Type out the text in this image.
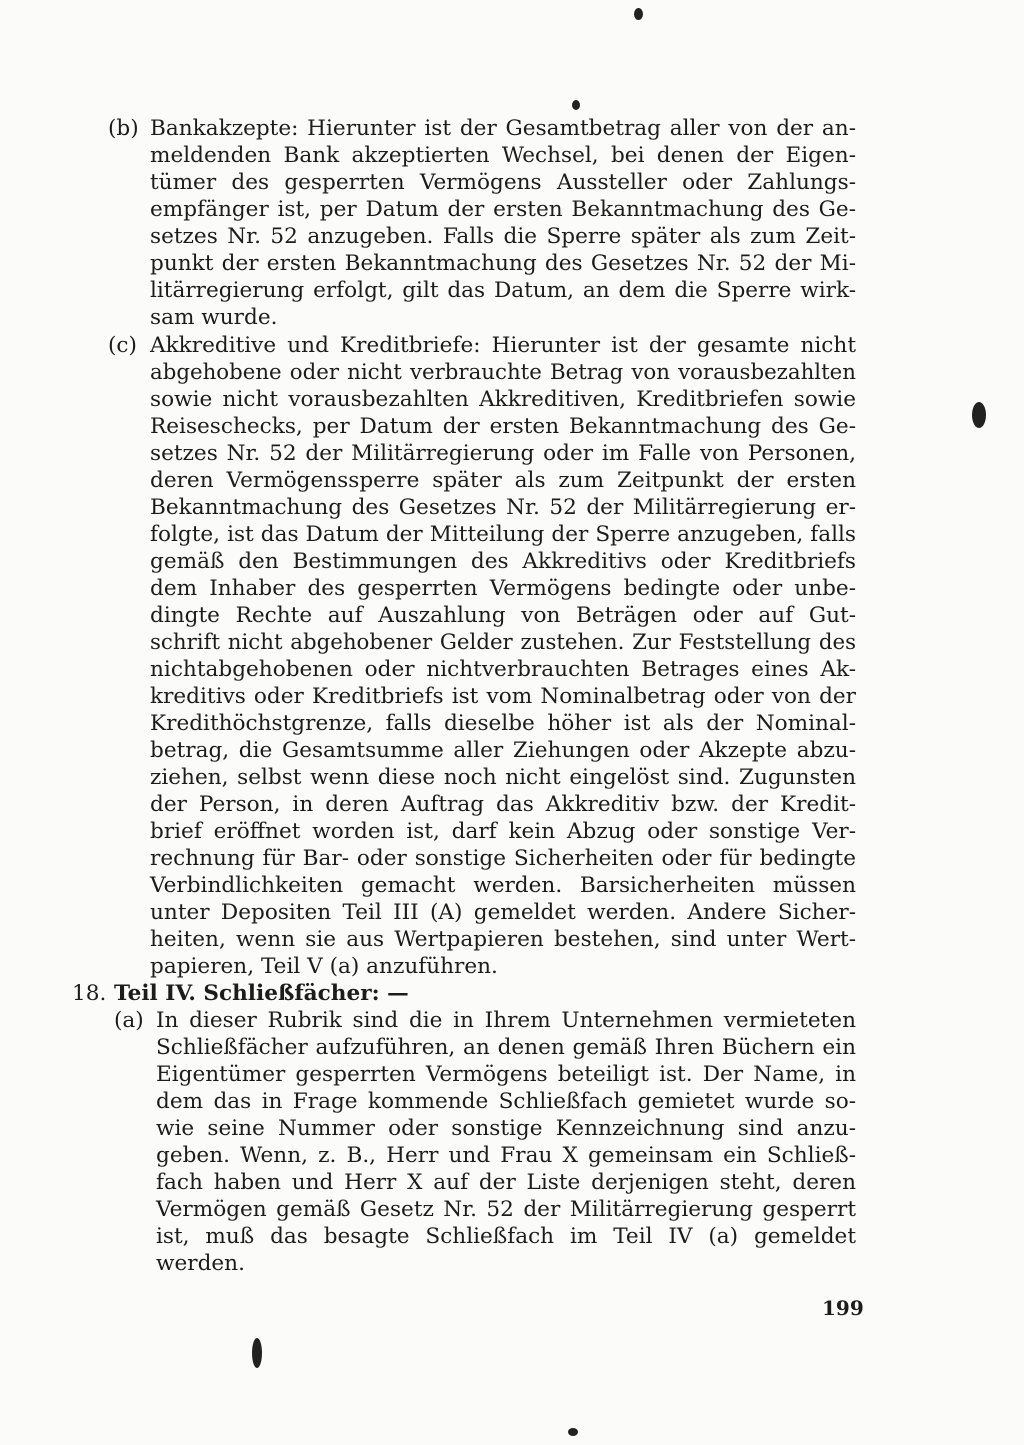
(b) Bankakzepte: Hierunter ist der Gesamtbetrag aller von der an-
meldenden Bank akzeptierten Wechsel, bei denen der Eigen-
tümer des gesperrten Vermögens Aussteller oder Zahlungs-
empfänger ist, per Datum der ersten Bekanntmachung des Ge-
setzes Nr. 52 anzugeben. Falls die Sperre später als zum Zeit-
punkt der ersten Bekanntmachung des Gesetzes Nr. 52 der Mi-
litärregierung erfolgt, gilt das Datum, an dem die Sperre wirk-
sam wurde.
(c) Akkreditive und Kreditbriefe: Hierunter ist der gesamte nicht
abgehobene oder nicht verbrauchte Betrag von vorausbezahlten
sowie nicht vorausbezahlten Akkreditiven, Kreditbriefen sowie
Reiseschecks, per Datum der ersten Bekanntmachung des Ge-
setzes Nr. 52 der Militärregierung oder im Falle von Personen,
deren Vermögenssperre später als zum Zeitpunkt der ersten
Bekanntmachung des Gesetzes Nr. 52 der Militärregierung er-
folgte, ist das Datum der Mitteilung der Sperre anzugeben, falls
gemäß den Bestimmungen des Akkreditivs oder Kreditbriefs
dem Inhaber des gesperrten Vermögens bedingte oder unbe-
dingte Rechte auf Auszahlung von Beträgen oder auf Gut-
schrift nicht abgehobener Gelder zustehen. Zur Feststellung des
nichtabgehobenen oder nichtverbrauchten Betrages eines Ak-
kreditivs oder Kreditbriefs ist vom Nominalbetrag oder von der
Kredithöchstgrenze, falls dieselbe höher ist als der Nominal-
betrag, die Gesamtsumme aller Ziehungen oder Akzepte abzu-
ziehen, selbst wenn diese noch nicht eingelöst sind. Zugunsten
der Person, in deren Auftrag das Akkreditiv bzw. der Kredit-
brief eröffnet worden ist, darf kein Abzug oder sonstige Ver-
rechnung für Bar- oder sonstige Sicherheiten oder für bedingte
Verbindlichkeiten gemacht werden. Barsicherheiten müssen
unter Depositen Teil III (A) gemeldet werden. Andere Sicher-
heiten, wenn sie aus Wertpapieren bestehen, sind unter Wert-
papieren, Teil V (a) anzuführen.
18. Teil IV. Schließfächer: —
(a) In dieser Rubrik sind die in Ihrem Unternehmen vermieteten
Schließfächer aufzuführen, an denen gemäß Ihren Büchern ein
Eigentümer gesperrten Vermögens beteiligt ist. Der Name, in
dem das in Frage kommende Schließfach gemietet wurde so-
wie seine Nummer oder sonstige Kennzeichnung sind anzu-
geben. Wenn, z. B., Herr und Frau X gemeinsam ein Schließ-
fach haben und Herr X auf der Liste derjenigen steht, deren
Vermögen gemäß Gesetz Nr. 52 der Militärregierung gesperrt
ist, muß das besagte Schließfach im Teil IV (a) gemeldet
werden.
199
